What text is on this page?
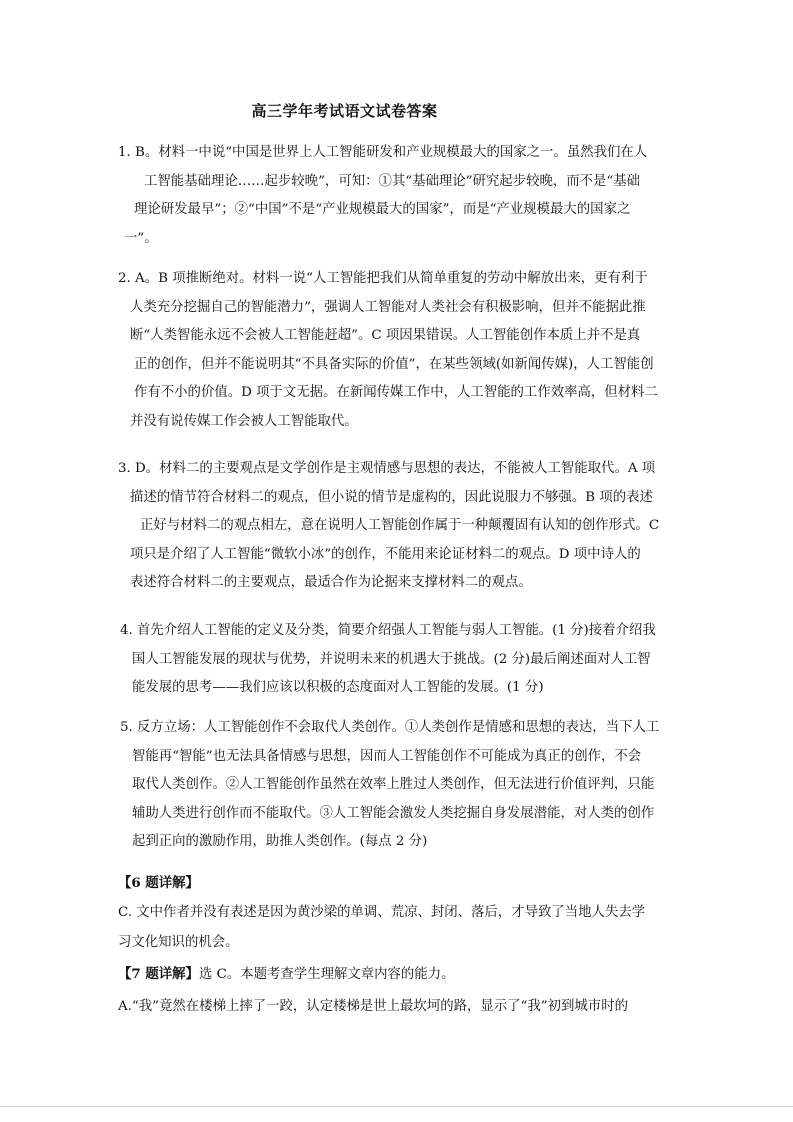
高三学年考试语文试卷答案

1. B。材料一中说“中国是世界上人工智能研发和产业规模最大的国家之一。虽然我们在人

工智能基础理论……起步较晚”，可知：①其“基础理论”研究起步较晚，而不是“基础

理论研发最早”；②“中国”不是“产业规模最大的国家”，而是“产业规模最大的国家之

一”。

2. A。B 项推断绝对。材料一说“人工智能把我们从简单重复的劳动中解放出来，更有利于

人类充分挖掘自己的智能潜力”，强调人工智能对人类社会有积极影响，但并不能据此推

断“人类智能永远不会被人工智能赶超”。C 项因果错误。人工智能创作本质上并不是真

正的创作，但并不能说明其“不具备实际的价值”，在某些领域(如新闻传媒)，人工智能创

作有不小的价值。D 项于文无据。在新闻传媒工作中，人工智能的工作效率高，但材料二

并没有说传媒工作会被人工智能取代。

3. D。材料二的主要观点是文学创作是主观情感与思想的表达，不能被人工智能取代。A 项

描述的情节符合材料二的观点，但小说的情节是虚构的，因此说服力不够强。B 项的表述

正好与材料二的观点相左，意在说明人工智能创作属于一种颠覆固有认知的创作形式。C

项只是介绍了人工智能“微软小冰”的创作，不能用来论证材料二的观点。D 项中诗人的

表述符合材料二的主要观点，最适合作为论据来支撑材料二的观点。

4. 首先介绍人工智能的定义及分类，简要介绍强人工智能与弱人工智能。(1 分)接着介绍我

国人工智能发展的现状与优势，并说明未来的机遇大于挑战。(2 分)最后阐述面对人工智

能发展的思考——我们应该以积极的态度面对人工智能的发展。(1 分)

5. 反方立场：人工智能创作不会取代人类创作。①人类创作是情感和思想的表达，当下人工

智能再“智能”也无法具备情感与思想，因而人工智能创作不可能成为真正的创作，不会

取代人类创作。②人工智能创作虽然在效率上胜过人类创作，但无法进行价值评判，只能

辅助人类进行创作而不能取代。③人工智能会激发人类挖掘自身发展潜能，对人类的创作

起到正向的激励作用，助推人类创作。(每点 2 分)

【6 题详解】

C. 文中作者并没有表述是因为黄沙梁的单调、荒凉、封闭、落后，才导致了当地人失去学

习文化知识的机会。

【7 题详解】选 C。本题考查学生理解文章内容的能力。

A.“我”竟然在楼梯上摔了一跤，认定楼梯是世上最坎坷的路，显示了“我”初到城市时的
